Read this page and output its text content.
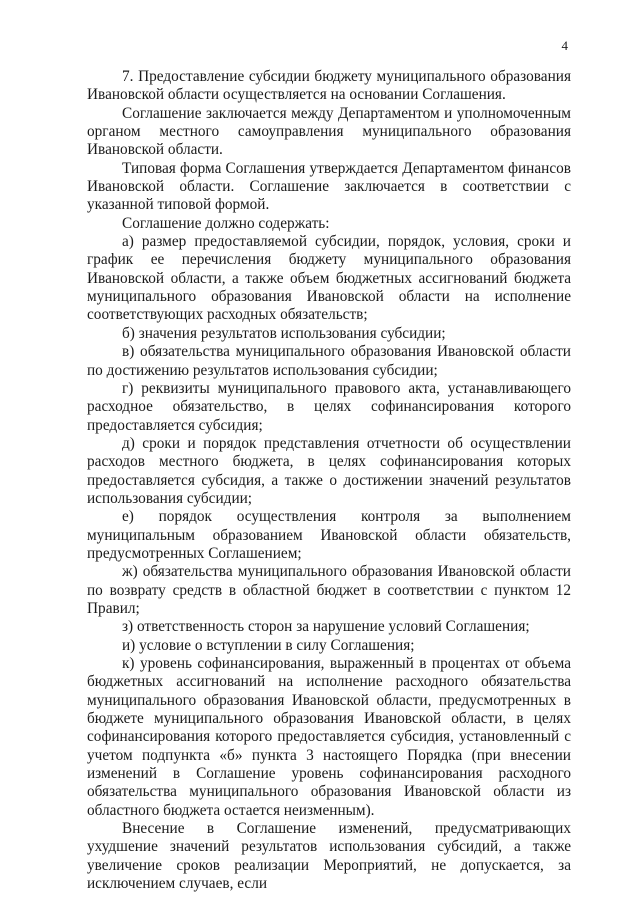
4

7. Предоставление субсидии бюджету муниципального образования Ивановской области осуществляется на основании Соглашения.

Соглашение заключается между Департаментом и уполномоченным органом местного самоуправления муниципального образования Ивановской области.

Типовая форма Соглашения утверждается Департаментом финансов Ивановской области. Соглашение заключается в соответствии с указанной типовой формой.

Соглашение должно содержать:

а) размер предоставляемой субсидии, порядок, условия, сроки и график ее перечисления бюджету муниципального образования Ивановской области, а также объем бюджетных ассигнований бюджета муниципального образования Ивановской области на исполнение соответствующих расходных обязательств;

б) значения результатов использования субсидии;

в) обязательства муниципального образования Ивановской области по достижению результатов использования субсидии;

г) реквизиты муниципального правового акта, устанавливающего расходное обязательство, в целях софинансирования которого предоставляется субсидия;

д) сроки и порядок представления отчетности об осуществлении расходов местного бюджета, в целях софинансирования которых предоставляется субсидия, а также о достижении значений результатов использования субсидии;

е) порядок осуществления контроля за выполнением муниципальным образованием Ивановской области обязательств, предусмотренных Соглашением;

ж) обязательства муниципального образования Ивановской области по возврату средств в областной бюджет в соответствии с пунктом 12 Правил;

з) ответственность сторон за нарушение условий Соглашения;

и) условие о вступлении в силу Соглашения;

к) уровень софинансирования, выраженный в процентах от объема бюджетных ассигнований на исполнение расходного обязательства муниципального образования Ивановской области, предусмотренных в бюджете муниципального образования Ивановской области, в целях софинансирования которого предоставляется субсидия, установленный с учетом подпункта «б» пункта 3 настоящего Порядка (при внесении изменений в Соглашение уровень софинансирования расходного обязательства муниципального образования Ивановской области из областного бюджета остается неизменным).

Внесение в Соглашение изменений, предусматривающих ухудшение значений результатов использования субсидий, а также увеличение сроков реализации Мероприятий, не допускается, за исключением случаев, если
